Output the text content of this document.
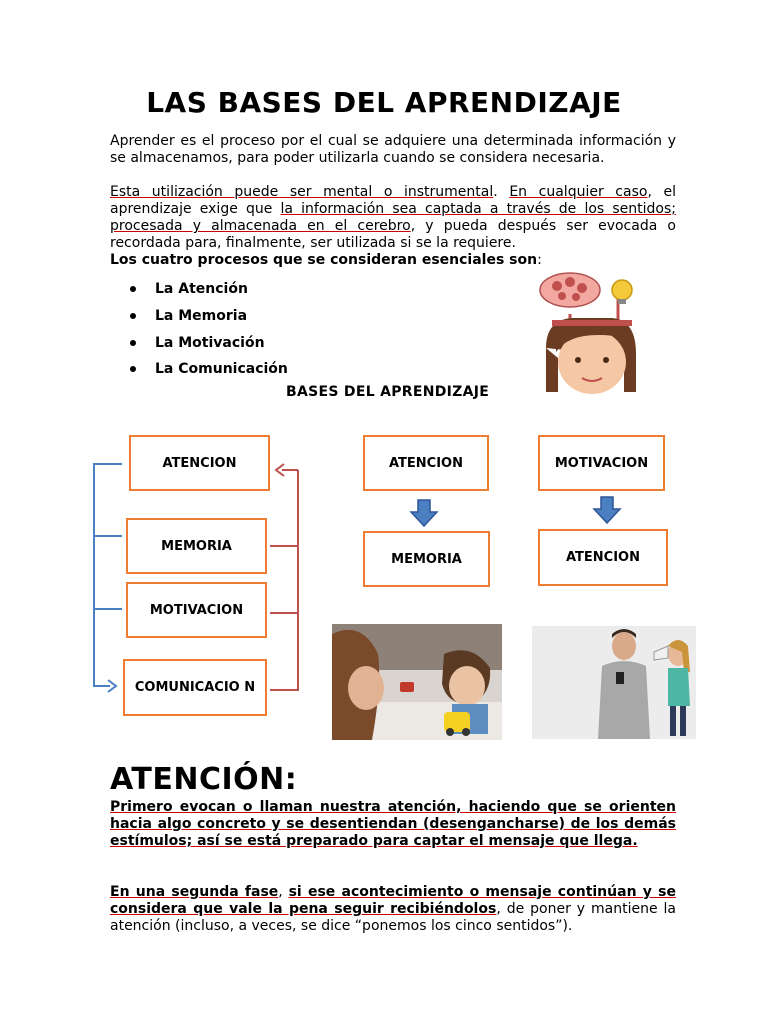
LAS BASES DEL APRENDIZAJE
Aprender es el proceso por el cual se adquiere una determinada información y se almacenamos, para poder utilizarla cuando se considera necesaria.
Esta utilización puede ser mental o instrumental. En cualquier caso, el aprendizaje exige que la información sea captada a través de los sentidos; procesada y almacenada en el cerebro, y pueda después ser evocada o recordada para, finalmente, ser utilizada si se la requiere.
Los cuatro procesos que se consideran esenciales son:
La Atención
La Memoria
La Motivación
La Comunicación
BASES DEL APRENDIZAJE
ATENCION
MEMORIA
MOTIVACION
COMUNICACIO N
ATENCION
MEMORIA
MOTIVACION
ATENCION
ATENCIÓN:
Primero evocan o llaman nuestra atención, haciendo que se orienten hacia algo concreto y se desentiendan (desengancharse) de los demás estímulos; así se está preparado para captar el mensaje que llega.
En una segunda fase, si ese acontecimiento o mensaje continúan y se considera que vale la pena seguir recibiéndolos, de poner y mantiene la atención (incluso, a veces, se dice “ponemos los cinco sentidos”).
